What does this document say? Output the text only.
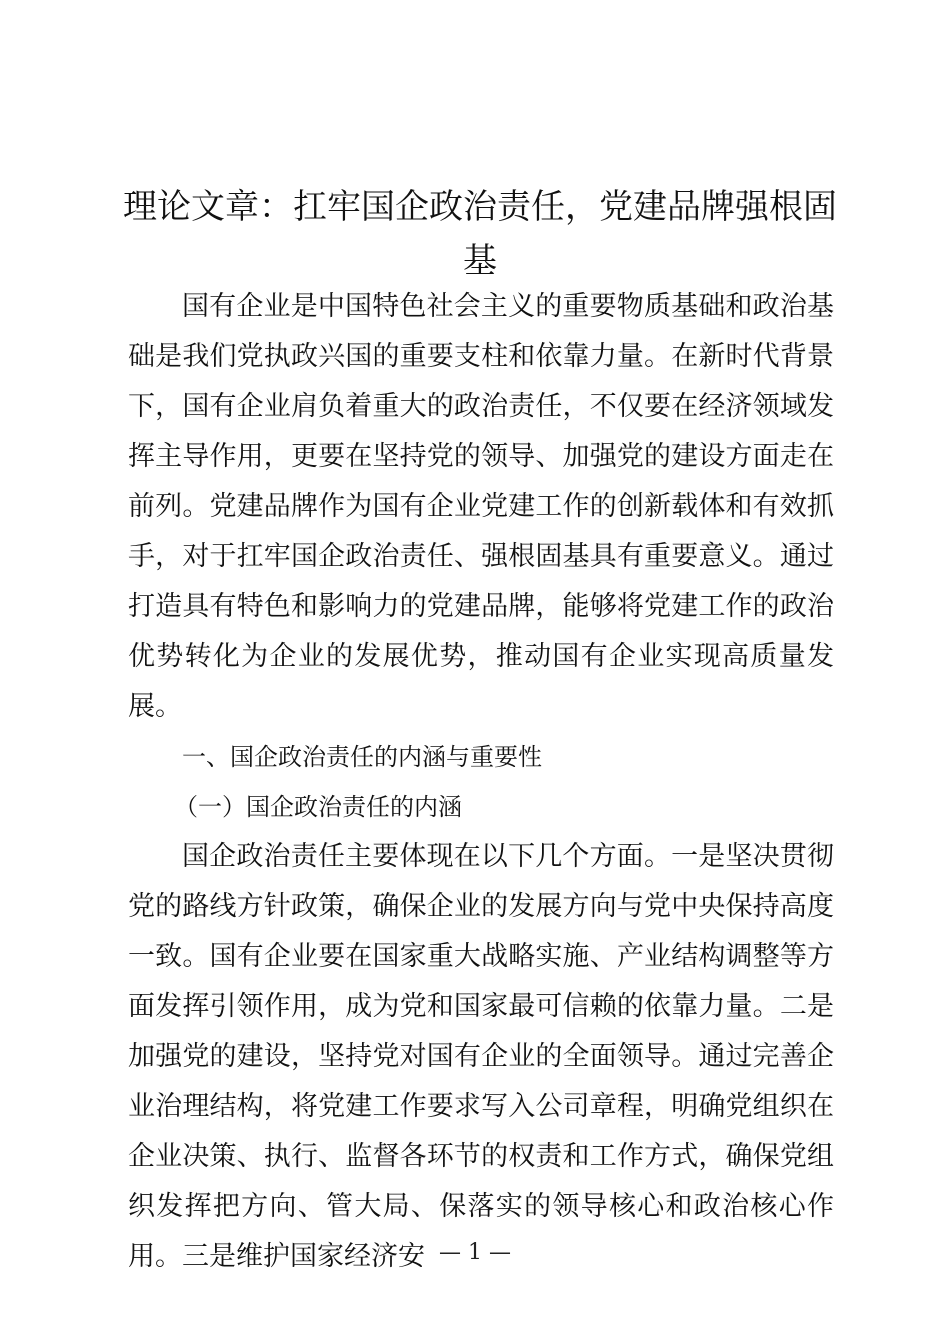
理论文章：扛牢国企政治责任，党建品牌强根固基

国有企业是中国特色社会主义的重要物质基础和政治基础是我们党执政兴国的重要支柱和依靠力量。在新时代背景下，国有企业肩负着重大的政治责任，不仅要在经济领域发挥主导作用，更要在坚持党的领导、加强党的建设方面走在前列。党建品牌作为国有企业党建工作的创新载体和有效抓手，对于扛牢国企政治责任、强根固基具有重要意义。通过打造具有特色和影响力的党建品牌，能够将党建工作的政治优势转化为企业的发展优势，推动国有企业实现高质量发展。

一、国企政治责任的内涵与重要性

（一）国企政治责任的内涵

国企政治责任主要体现在以下几个方面。一是坚决贯彻党的路线方针政策，确保企业的发展方向与党中央保持高度一致。国有企业要在国家重大战略实施、产业结构调整等方面发挥引领作用，成为党和国家最可信赖的依靠力量。二是加强党的建设，坚持党对国有企业的全面领导。通过完善企业治理结构，将党建工作要求写入公司章程，明确党组织在企业决策、执行、监督各环节的权责和工作方式，确保党组织发挥把方向、管大局、保落实的领导核心和政治核心作用。三是维护国家经济安 — 1 —
